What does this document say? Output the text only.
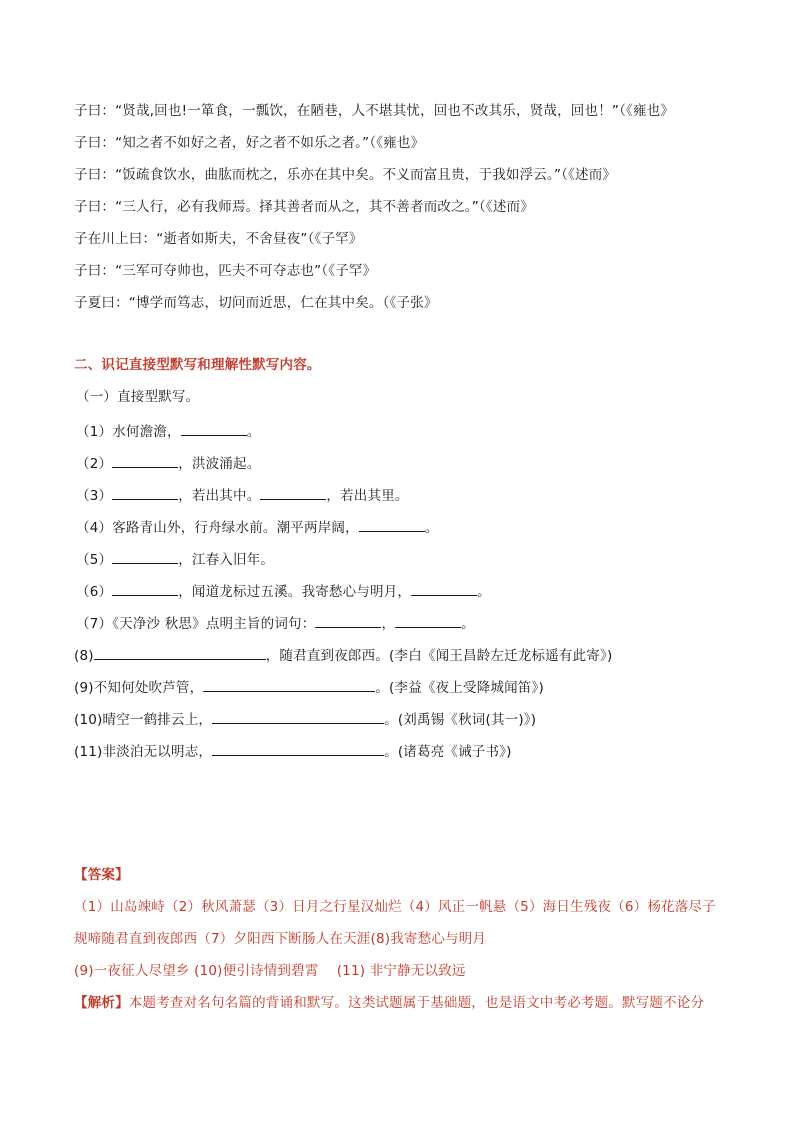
子曰：“贤哉,回也!一箪食，一瓢饮，在陋巷，人不堪其忧，回也不改其乐，贤哉，回也！”（《雍也》
子曰：“知之者不如好之者，好之者不如乐之者。”（《雍也》
子曰：“饭疏食饮水，曲肱而枕之，乐亦在其中矣。不义而富且贵，于我如浮云。”（《述而》
子曰：“三人行，必有我师焉。择其善者而从之，其不善者而改之。”（《述而》
子在川上曰：“逝者如斯夫，不舍昼夜”（《子罕》
子曰：“三军可夺帅也，匹夫不可夺志也”（《子罕》
子夏曰：“博学而笃志，切问而近思，仁在其中矣。（《子张》
二、识记直接型默写和理解性默写内容。
（一）直接型默写。
（1）水何澹澹，	。
（2）	，洪波涌起。
（3）	，若出其中。	，若出其里。
（4）客路青山外，行舟绿水前。潮平两岸阔，	。
（5）	，江春入旧年。
（6）	，闻道龙标过五溪。我寄愁心与明月，	。
（7）《天净沙 秋思》点明主旨的词句：	，	。
(8)	，随君直到夜郎西。(李白《闻王昌龄左迁龙标遥有此寄》)
(9)不知何处吹芦管，	。(李益《夜上受降城闻笛》)
(10)晴空一鹤排云上，	。(刘禹锡《秋词(其一)》)
(11)非淡泊无以明志，	。(诸葛亮《诫子书》)
【答案】
（1）山岛竦峙（2）秋风萧瑟（3）日月之行星汉灿烂（4）风正一帆悬（5）海日生残夜（6）杨花落尽子
规啼随君直到夜郎西（7）夕阳西下断肠人在天涯(8)我寄愁心与明月
(9)一夜征人尽望乡 (10)便引诗情到碧霄　 (11) 非宁静无以致远
【解析】本题考查对名句名篇的背诵和默写。这类试题属于基础题，也是语文中考必考题。默写题不论分
